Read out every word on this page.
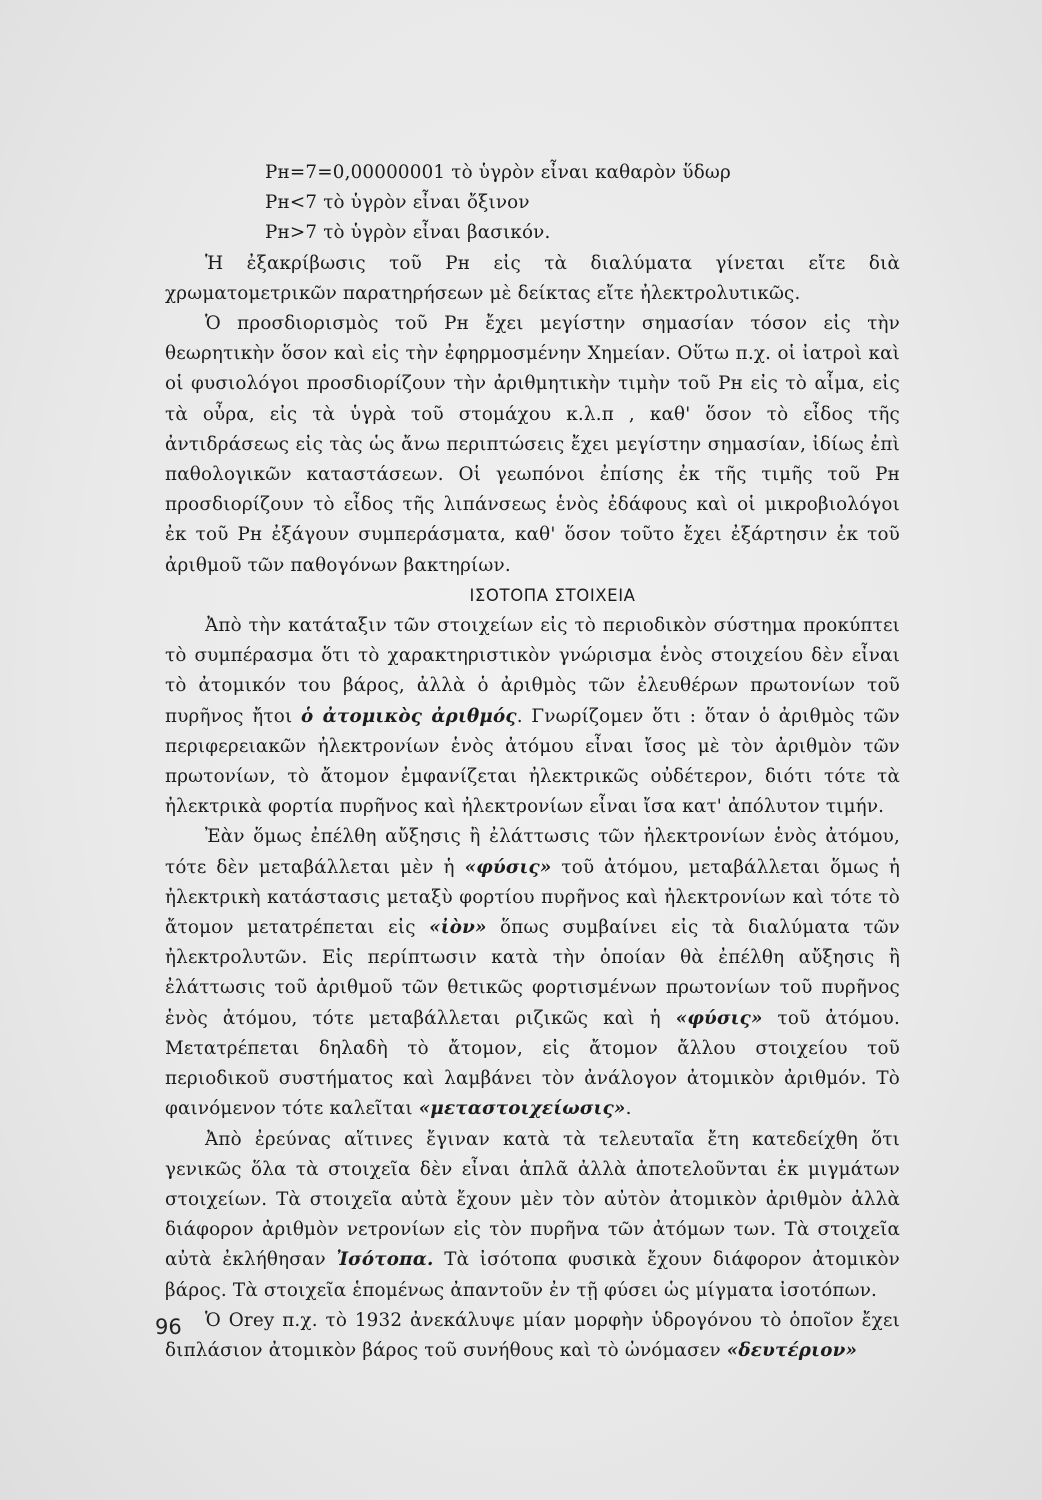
Pн=7=0,00000001 τὸ ὑγρὸν εἶναι καθαρὸν ὕδωρ

Pн<7 τὸ ὑγρὸν εἶναι ὄξινον

Pн>7 τὸ ὑγρὸν εἶναι βασικόν.

Ἡ ἐξακρίβωσις τοῦ Pн εἰς τὰ διαλύματα γίνεται εἴτε διὰ χρωματομετρικῶν παρατηρήσεων μὲ δείκτας εἴτε ἠλεκτρολυτικῶς.

Ὁ προσδιορισμὸς τοῦ Pн ἔχει μεγίστην σημασίαν τόσον εἰς τὴν θεωρητικὴν ὅσον καὶ εἰς τὴν ἐφηρμοσμένην Χημείαν. Οὕτω π.χ. οἱ ἰατροὶ καὶ οἱ φυσιολόγοι προσδιορίζουν τὴν ἀριθμητικὴν τιμὴν τοῦ Pн εἰς τὸ αἷμα, εἰς τὰ οὖρα, εἰς τὰ ὑγρὰ τοῦ στομάχου κ.λ.π , καθ' ὅσον τὸ εἶδος τῆς ἀντιδράσεως εἰς τὰς ὡς ἄνω περιπτώσεις ἔχει μεγίστην σημασίαν, ἰδίως ἐπὶ παθολογικῶν καταστάσεων. Οἱ γεωπόνοι ἐπίσης ἐκ τῆς τιμῆς τοῦ Pн προσδιορίζουν τὸ εἶδος τῆς λιπάνσεως ἑνὸς ἐδάφους καὶ οἱ μικροβιολόγοι ἐκ τοῦ Pн ἐξάγουν συμπεράσματα, καθ' ὅσον τοῦτο ἔχει ἐξάρτησιν ἐκ τοῦ ἀριθμοῦ τῶν παθογόνων βακτηρίων.

ΙΣΟΤΟΠΑ ΣΤΟΙΧΕΙΑ

Ἀπὸ τὴν κατάταξιν τῶν στοιχείων εἰς τὸ περιοδικὸν σύστημα προκύπτει τὸ συμπέρασμα ὅτι τὸ χαρακτηριστικὸν γνώρισμα ἑνὸς στοιχείου δὲν εἶναι τὸ ἀτομικόν του βάρος, ἀλλὰ ὁ ἀριθμὸς τῶν ἐλευθέρων πρωτονίων τοῦ πυρῆνος ἤτοι ὁ ἀτομικὸς ἀριθμός. Γνωρίζομεν ὅτι : ὅταν ὁ ἀριθμὸς τῶν περιφερειακῶν ἠλεκτρονίων ἑνὸς ἀτόμου εἶναι ἴσος μὲ τὸν ἀριθμὸν τῶν πρωτονίων, τὸ ἄτομον ἐμφανίζεται ἠλεκτρικῶς οὐδέτερον, διότι τότε τὰ ἠλεκτρικὰ φορτία πυρῆνος καὶ ἠλεκτρονίων εἶναι ἴσα κατ' ἀπόλυτον τιμήν.

Ἐὰν ὅμως ἐπέλθη αὔξησις ἢ ἐλάττωσις τῶν ἠλεκτρονίων ἑνὸς ἀτόμου, τότε δὲν μεταβάλλεται μὲν ἡ «φύσις» τοῦ ἀτόμου, μεταβάλλεται ὅμως ἡ ἠλεκτρικὴ κατάστασις μεταξὺ φορτίου πυρῆνος καὶ ἠλεκτρονίων καὶ τότε τὸ ἄτομον μετατρέπεται εἰς «ἰὸν» ὅπως συμβαίνει εἰς τὰ διαλύματα τῶν ἠλεκτρολυτῶν. Εἰς περίπτωσιν κατὰ τὴν ὁποίαν θὰ ἐπέλθη αὔξησις ἢ ἐλάττωσις τοῦ ἀριθμοῦ τῶν θετικῶς φορτισμένων πρωτονίων τοῦ πυρῆνος ἑνὸς ἀτόμου, τότε μεταβάλλεται ριζικῶς καὶ ἡ «φύσις» τοῦ ἀτόμου. Μετατρέπεται δηλαδὴ τὸ ἄτομον, εἰς ἄτομον ἄλλου στοιχείου τοῦ περιοδικοῦ συστήματος καὶ λαμβάνει τὸν ἀνάλογον ἀτομικὸν ἀριθμόν. Τὸ φαινόμενον τότε καλεῖται «μεταστοιχείωσις».

Ἀπὸ ἐρεύνας αἵτινες ἔγιναν κατὰ τὰ τελευταῖα ἔτη κατεδείχθη ὅτι γενικῶς ὅλα τὰ στοιχεῖα δὲν εἶναι ἁπλᾶ ἀλλὰ ἀποτελοῦνται ἐκ μιγμάτων στοιχείων. Τὰ στοιχεῖα αὐτὰ ἔχουν μὲν τὸν αὐτὸν ἀτομικὸν ἀριθμὸν ἀλλὰ διάφορον ἀριθμὸν νετρονίων εἰς τὸν πυρῆνα τῶν ἀτόμων των. Τὰ στοιχεῖα αὐτὰ ἐκλήθησαν Ἰσότοπα. Τὰ ἰσότοπα φυσικὰ ἔχουν διάφορον ἀτομικὸν βάρος. Τὰ στοιχεῖα ἑπομένως ἀπαντοῦν ἐν τῇ φύσει ὡς μίγματα ἰσοτόπων.

Ὁ Orey π.χ. τὸ 1932 ἀνεκάλυψε μίαν μορφὴν ὑδρογόνου τὸ ὁποῖον ἔχει διπλάσιον ἀτομικὸν βάρος τοῦ συνήθους καὶ τὸ ὠνόμασεν «δευτέριον»

96
